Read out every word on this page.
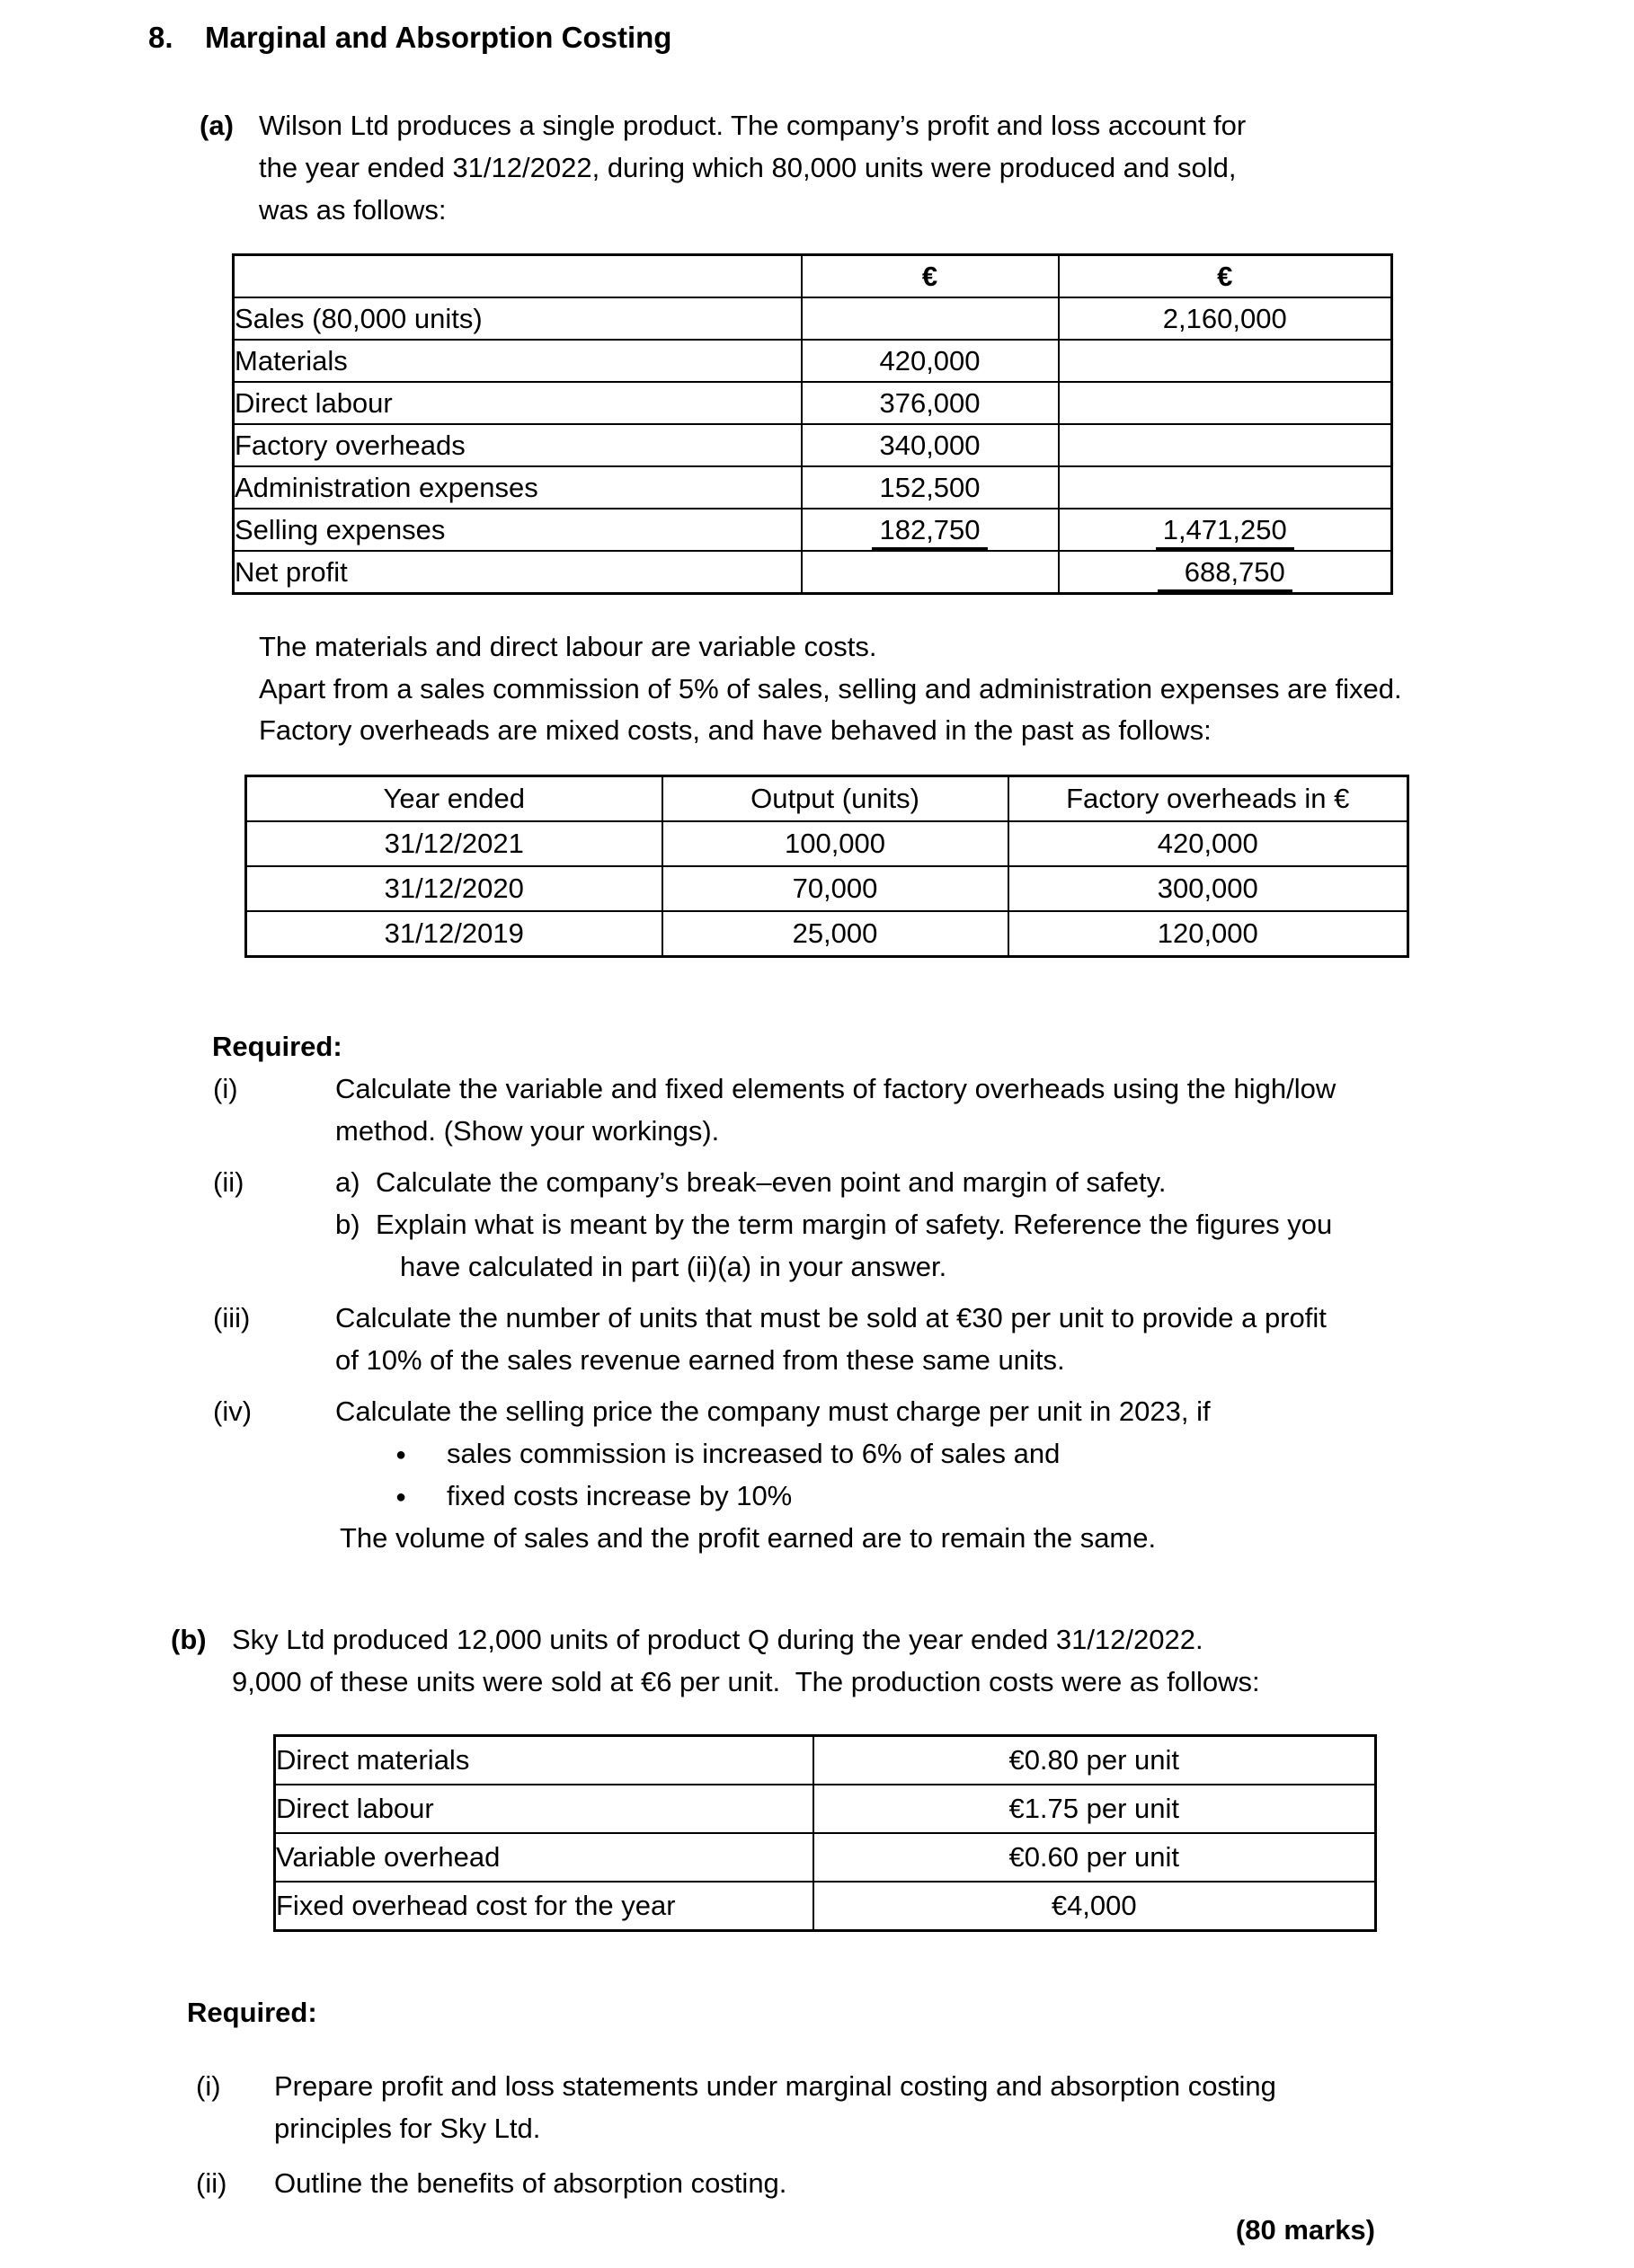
8. Marginal and Absorption Costing
(a) Wilson Ltd produces a single product. The company’s profit and loss account for
the year ended 31/12/2022, during which 80,000 units were produced and sold,
was as follows:
	€	€
Sales (80,000 units)		2,160,000
Materials	420,000	
Direct labour	376,000	
Factory overheads	340,000	
Administration expenses	152,500	
Selling expenses	182,750	1,471,250
Net profit		688,750
The materials and direct labour are variable costs.
Apart from a sales commission of 5% of sales, selling and administration expenses are fixed.
Factory overheads are mixed costs, and have behaved in the past as follows:
Year ended	Output (units)	Factory overheads in €
31/12/2021	100,000	420,000
31/12/2020	70,000	300,000
31/12/2019	25,000	120,000
Required:
(i)	Calculate the variable and fixed elements of factory overheads using the high/low
method. (Show your workings).
(ii)	a) Calculate the company’s break–even point and margin of safety.
b) Explain what is meant by the term margin of safety. Reference the figures you
have calculated in part (ii)(a) in your answer.
(iii)	Calculate the number of units that must be sold at €30 per unit to provide a profit
of 10% of the sales revenue earned from these same units.
(iv)	Calculate the selling price the company must charge per unit in 2023, if
● sales commission is increased to 6% of sales and
● fixed costs increase by 10%
The volume of sales and the profit earned are to remain the same.
(b) Sky Ltd produced 12,000 units of product Q during the year ended 31/12/2022.
9,000 of these units were sold at €6 per unit.  The production costs were as follows:
Direct materials	€0.80 per unit
Direct labour	€1.75 per unit
Variable overhead	€0.60 per unit
Fixed overhead cost for the year	€4,000
Required:
(i) Prepare profit and loss statements under marginal costing and absorption costing
principles for Sky Ltd.
(ii) Outline the benefits of absorption costing.
(80 marks)
